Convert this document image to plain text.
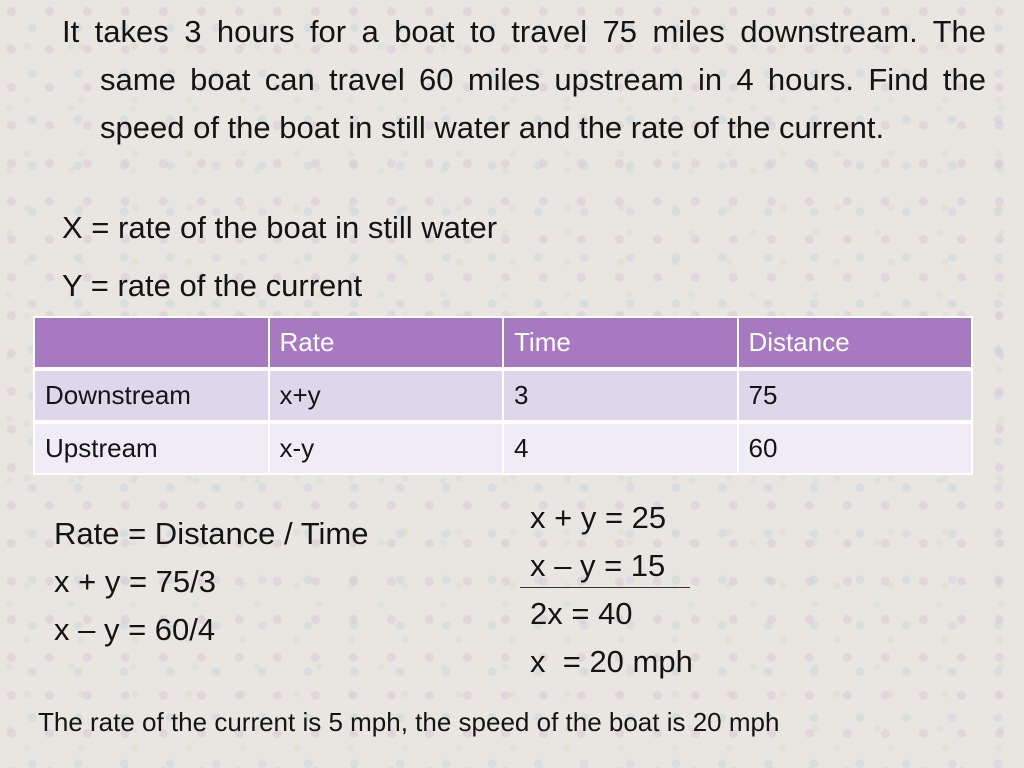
It takes 3 hours for a boat to travel 75 miles downstream. The same boat can travel 60 miles upstream in 4 hours. Find the speed of the boat in still water and the rate of the current.
X = rate of the boat in still water
Y = rate of the current
	Rate	Time	Distance
Downstream	x+y	3	75
Upstream	x-y	4	60
Rate = Distance / Time
x + y = 75/3
x – y = 60/4
x + y = 25
x – y = 15
2x = 40
x  = 20 mph
The rate of the current is 5 mph, the speed of the boat is 20 mph
